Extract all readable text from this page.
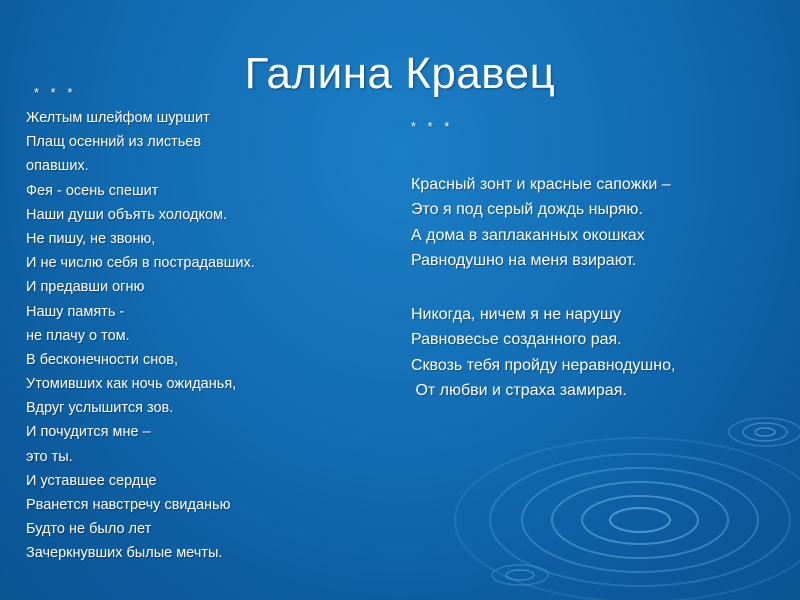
Галина Кравец
* * *
Желтым шлейфом шуршит
Плащ осенний из листьев
опавших.
Фея - осень спешит
Наши души объять холодком.
Не пишу, не звоню,
И не числю себя в пострадавших.
И предавши огню
Нашу память -
не плачу о том.
В бесконечности снов,
Утомивших как ночь ожиданья,
Вдруг услышится зов.
И почудится мне –
это ты.
И уставшее сердце
Рванется навстречу свиданью
Будто не было лет
Зачеркнувших былые мечты.
* * *
Красный зонт и красные сапожки –
Это я под серый дождь ныряю.
А дома в заплаканных окошках
Равнодушно на меня взирают.
Никогда, ничем я не нарушу
Равновесье созданного рая.
Сквозь тебя пройду неравнодушно,
От любви и страха замирая.
